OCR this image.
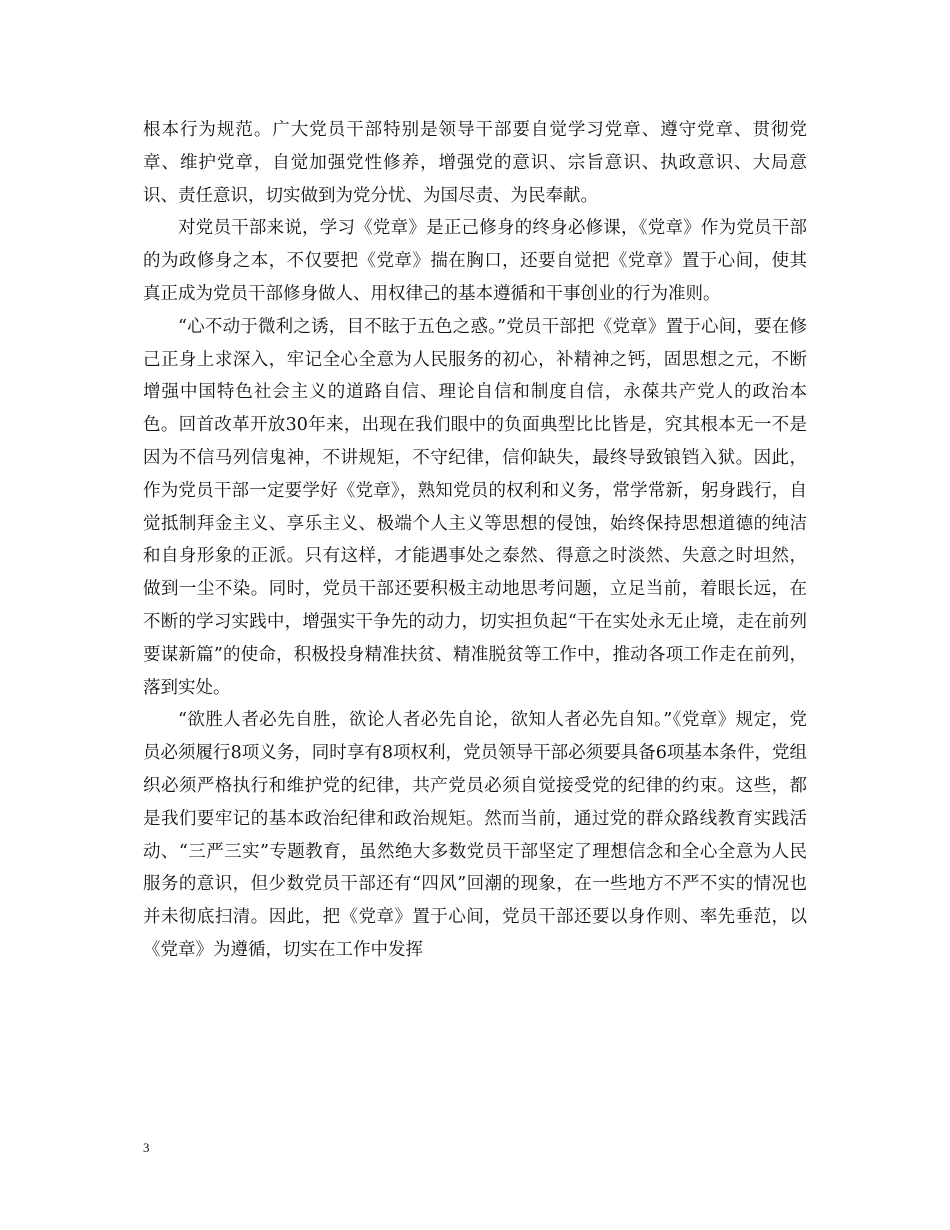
根本行为规范。广大党员干部特别是领导干部要自觉学习党章、遵守党章、贯彻党章、维护党章，自觉加强党性修养，增强党的意识、宗旨意识、执政意识、大局意识、责任意识，切实做到为党分忧、为国尽责、为民奉献。

对党员干部来说，学习《党章》是正己修身的终身必修课，《党章》作为党员干部的为政修身之本，不仅要把《党章》揣在胸口，还要自觉把《党章》置于心间，使其真正成为党员干部修身做人、用权律己的基本遵循和干事创业的行为准则。

“心不动于微利之诱，目不眩于五色之惑。”党员干部把《党章》置于心间，要在修己正身上求深入，牢记全心全意为人民服务的初心，补精神之钙，固思想之元，不断增强中国特色社会主义的道路自信、理论自信和制度自信，永葆共产党人的政治本色。回首改革开放30年来，出现在我们眼中的负面典型比比皆是，究其根本无一不是因为不信马列信鬼神，不讲规矩，不守纪律，信仰缺失，最终导致锒铛入狱。因此，作为党员干部一定要学好《党章》，熟知党员的权利和义务，常学常新，躬身践行，自觉抵制拜金主义、享乐主义、极端个人主义等思想的侵蚀，始终保持思想道德的纯洁和自身形象的正派。只有这样，才能遇事处之泰然、得意之时淡然、失意之时坦然，做到一尘不染。同时，党员干部还要积极主动地思考问题，立足当前，着眼长远，在不断的学习实践中，增强实干争先的动力，切实担负起“干在实处永无止境，走在前列要谋新篇”的使命，积极投身精准扶贫、精准脱贫等工作中，推动各项工作走在前列，落到实处。

“欲胜人者必先自胜，欲论人者必先自论，欲知人者必先自知。”《党章》规定，党员必须履行8项义务，同时享有8项权利，党员领导干部必须要具备6项基本条件，党组织必须严格执行和维护党的纪律，共产党员必须自觉接受党的纪律的约束。这些，都是我们要牢记的基本政治纪律和政治规矩。然而当前，通过党的群众路线教育实践活动、“三严三实”专题教育，虽然绝大多数党员干部坚定了理想信念和全心全意为人民服务的意识，但少数党员干部还有“四风”回潮的现象，在一些地方不严不实的情况也并未彻底扫清。因此，把《党章》置于心间，党员干部还要以身作则、率先垂范，以《党章》为遵循，切实在工作中发挥

3
